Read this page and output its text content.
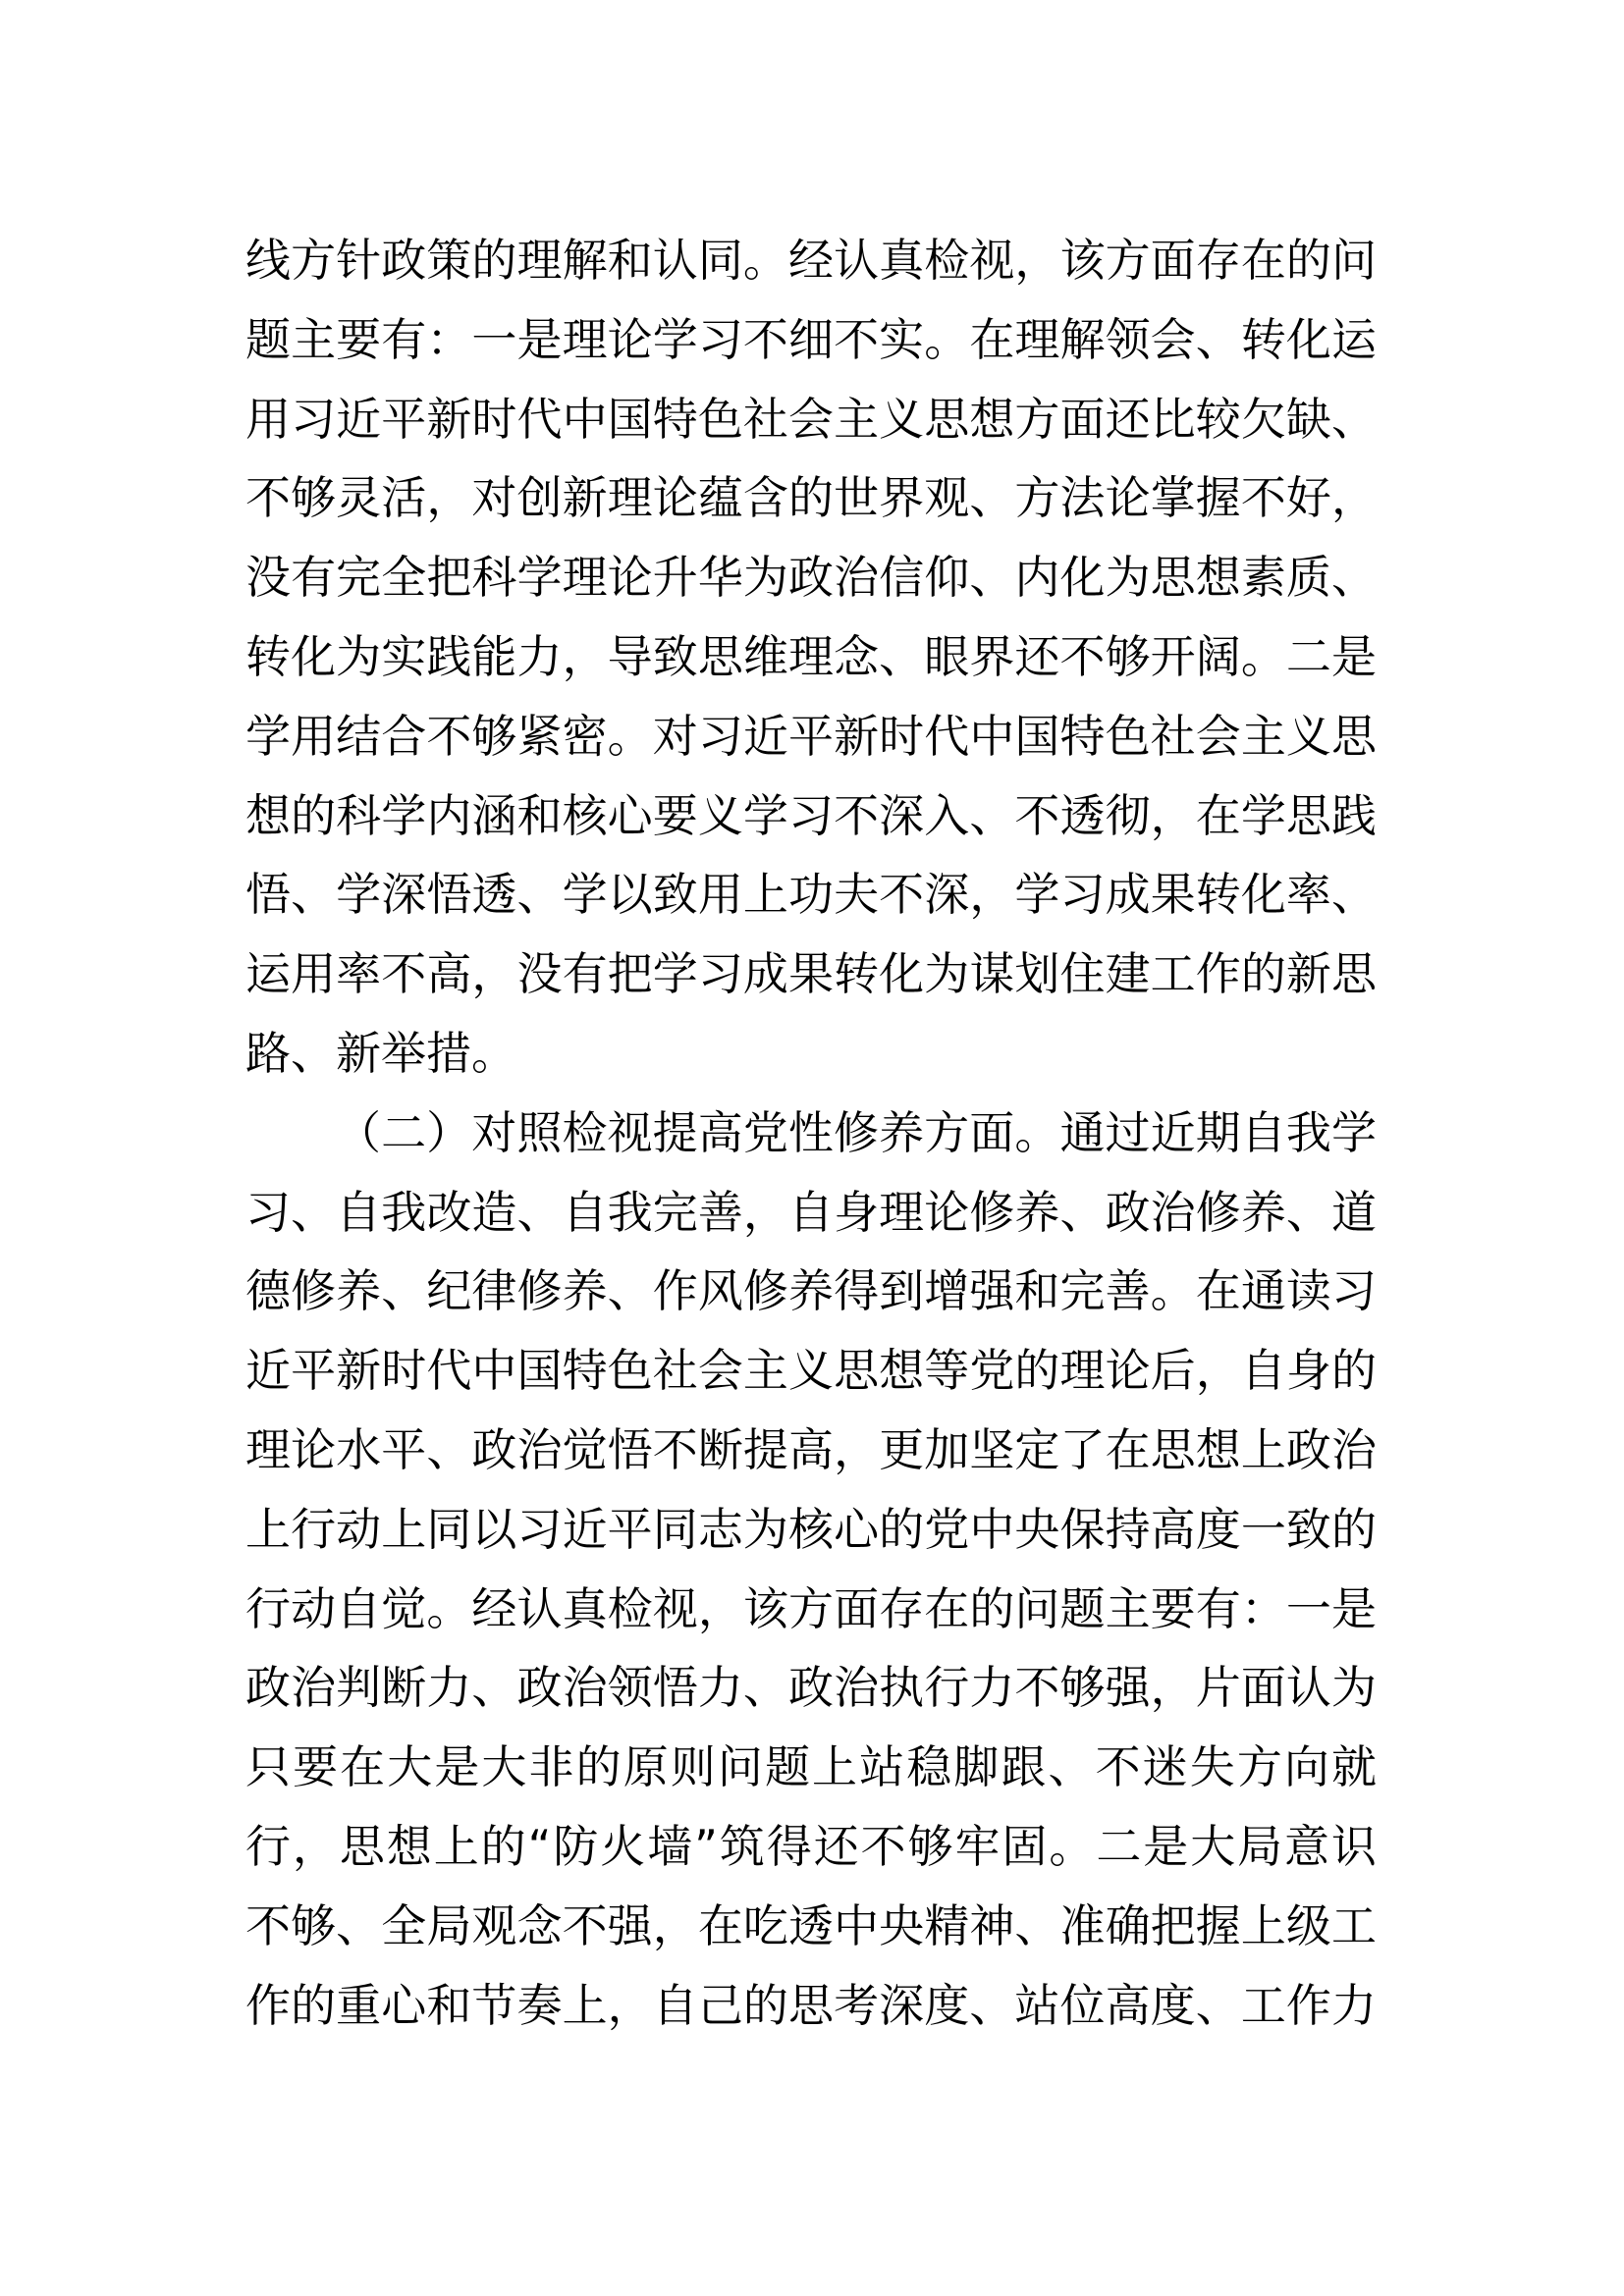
线方针政策的理解和认同。经认真检视，该方面存在的问
题主要有：一是理论学习不细不实。在理解领会、转化运
用习近平新时代中国特色社会主义思想方面还比较欠缺、
不够灵活，对创新理论蕴含的世界观、方法论掌握不好，
没有完全把科学理论升华为政治信仰、内化为思想素质、
转化为实践能力，导致思维理念、眼界还不够开阔。二是
学用结合不够紧密。对习近平新时代中国特色社会主义思
想的科学内涵和核心要义学习不深入、不透彻，在学思践
悟、学深悟透、学以致用上功夫不深，学习成果转化率、
运用率不高，没有把学习成果转化为谋划住建工作的新思
路、新举措。
（二）对照检视提高党性修养方面。通过近期自我学
习、自我改造、自我完善，自身理论修养、政治修养、道
德修养、纪律修养、作风修养得到增强和完善。在通读习
近平新时代中国特色社会主义思想等党的理论后，自身的
理论水平、政治觉悟不断提高，更加坚定了在思想上政治
上行动上同以习近平同志为核心的党中央保持高度一致的
行动自觉。经认真检视，该方面存在的问题主要有：一是
政治判断力、政治领悟力、政治执行力不够强，片面认为
只要在大是大非的原则问题上站稳脚跟、不迷失方向就
行，思想上的“防火墙”筑得还不够牢固。二是大局意识
不够、全局观念不强，在吃透中央精神、准确把握上级工
作的重心和节奏上，自己的思考深度、站位高度、工作力
